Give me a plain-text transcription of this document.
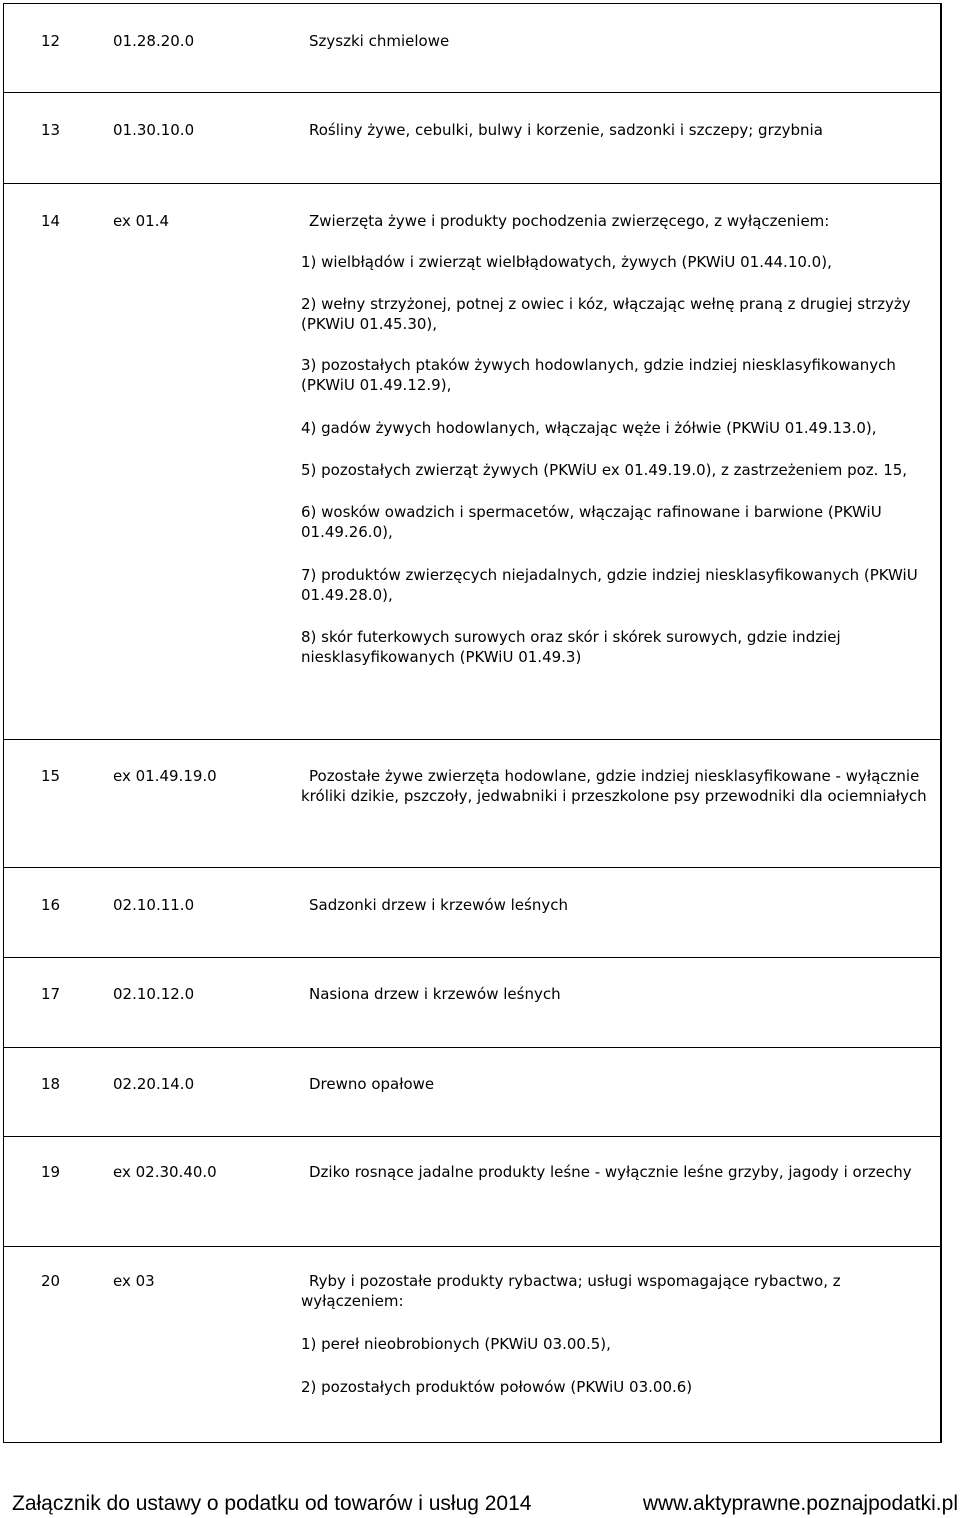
12	01.28.20.0	Szyszki chmielowe

13	01.30.10.0	Rośliny żywe, cebulki, bulwy i korzenie, sadzonki i szczepy; grzybnia

14	ex 01.4	Zwierzęta żywe i produkty pochodzenia zwierzęcego, z wyłączeniem:

1) wielbłądów i zwierząt wielbłądowatych, żywych (PKWiU 01.44.10.0),

2) wełny strzyżonej, potnej z owiec i kóz, włączając wełnę praną z drugiej strzyży (PKWiU 01.45.30),

3) pozostałych ptaków żywych hodowlanych, gdzie indziej niesklasyfikowanych (PKWiU 01.49.12.9),

4) gadów żywych hodowlanych, włączając węże i żółwie (PKWiU 01.49.13.0),

5) pozostałych zwierząt żywych (PKWiU ex 01.49.19.0), z zastrzeżeniem poz. 15,

6) wosków owadzich i spermacetów, włączając rafinowane i barwione (PKWiU 01.49.26.0),

7) produktów zwierzęcych niejadalnych, gdzie indziej niesklasyfikowanych (PKWiU 01.49.28.0),

8) skór futerkowych surowych oraz skór i skórek surowych, gdzie indziej niesklasyfikowanych (PKWiU 01.49.3)

15	ex 01.49.19.0	Pozostałe żywe zwierzęta hodowlane, gdzie indziej niesklasyfikowane - wyłącznie króliki dzikie, pszczoły, jedwabniki i przeszkolone psy przewodniki dla ociemniałych

16	02.10.11.0	Sadzonki drzew i krzewów leśnych

17	02.10.12.0	Nasiona drzew i krzewów leśnych

18	02.20.14.0	Drewno opałowe

19	ex 02.30.40.0	Dziko rosnące jadalne produkty leśne - wyłącznie leśne grzyby, jagody i orzechy

20	ex 03	Ryby i pozostałe produkty rybactwa; usługi wspomagające rybactwo, z wyłączeniem:

1) pereł nieobrobionych (PKWiU 03.00.5),

2) pozostałych produktów połowów (PKWiU 03.00.6)

Załącznik do ustawy o podatku od towarów i usług 2014	www.aktyprawne.poznajpodatki.pl
